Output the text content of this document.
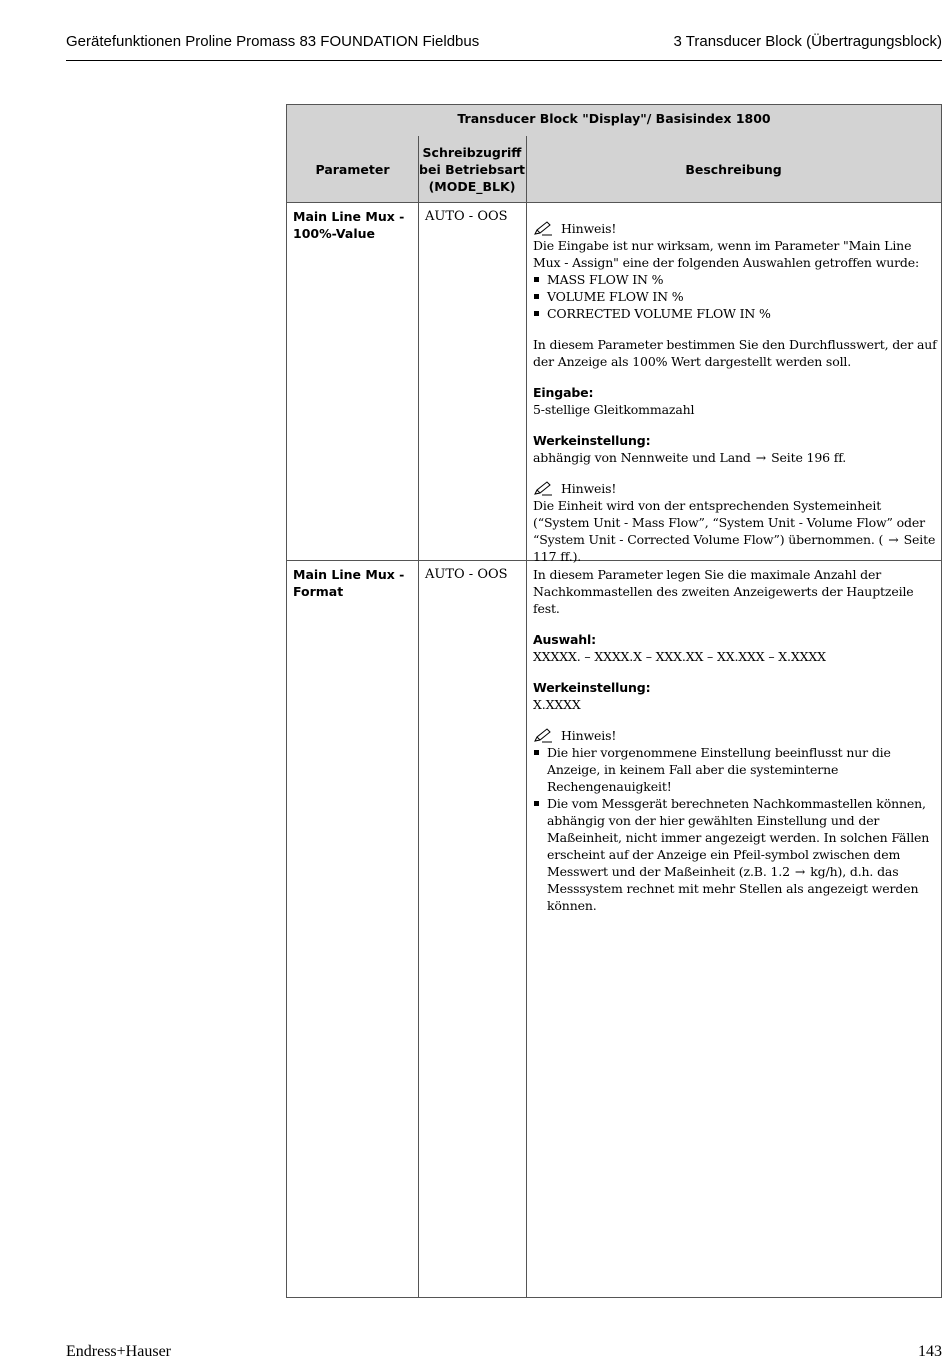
Gerätefunktionen Proline Promass 83 FOUNDATION Fieldbus	3 Transducer Block (Übertragungsblock)
Transducer Block "Display"/ Basisindex 1800
Parameter
Schreibzugriff
bei Betriebsart
(MODE_BLK)
Beschreibung
Main Line Mux - 100%-Value
AUTO - OOS
Hinweis!

Die Eingabe ist nur wirksam, wenn im Parameter "Main Line Mux - Assign" eine der folgenden Auswahlen getroffen wurde:

MASS FLOW IN %
VOLUME FLOW IN %
CORRECTED VOLUME FLOW IN %

In diesem Parameter bestimmen Sie den Durchflusswert, der auf der Anzeige als 100% Wert dargestellt werden soll.

Eingabe:

5-stellige Gleitkommazahl

Werkeinstellung:

abhängig von Nennweite und Land → Seite 196 ff.

Hinweis!

Die Einheit wird von der entsprechenden Systemeinheit (“System Unit - Mass Flow”, “System Unit - Volume Flow” oder “System Unit - Corrected Volume Flow”) übernommen. ( → Seite 117 ff.).

Main Line Mux - Format
AUTO - OOS In diesem Parameter legen Sie die maximale Anzahl der Nachkommastellen des zweiten Anzeigewerts der Hauptzeile fest.

Auswahl:

XXXXX. – XXXX.X – XXX.XX – XX.XXX – X.XXXX

Werkeinstellung:

X.XXXX

Hinweis!
Die hier vorgenommene Einstellung beeinflusst nur die Anzeige, in keinem Fall aber die systeminterne Rechengenauigkeit!
Die vom Messgerät berechneten Nachkommastellen können, abhängig von der hier gewählten Einstellung und der Maßeinheit, nicht immer angezeigt werden. In solchen Fällen erscheint auf der Anzeige ein Pfeil-symbol zwischen dem Messwert und der Maßeinheit (z.B. 1.2 → kg/h), d.h. das Messsystem rechnet mit mehr Stellen als angezeigt werden können.
Endress+Hauser	143
